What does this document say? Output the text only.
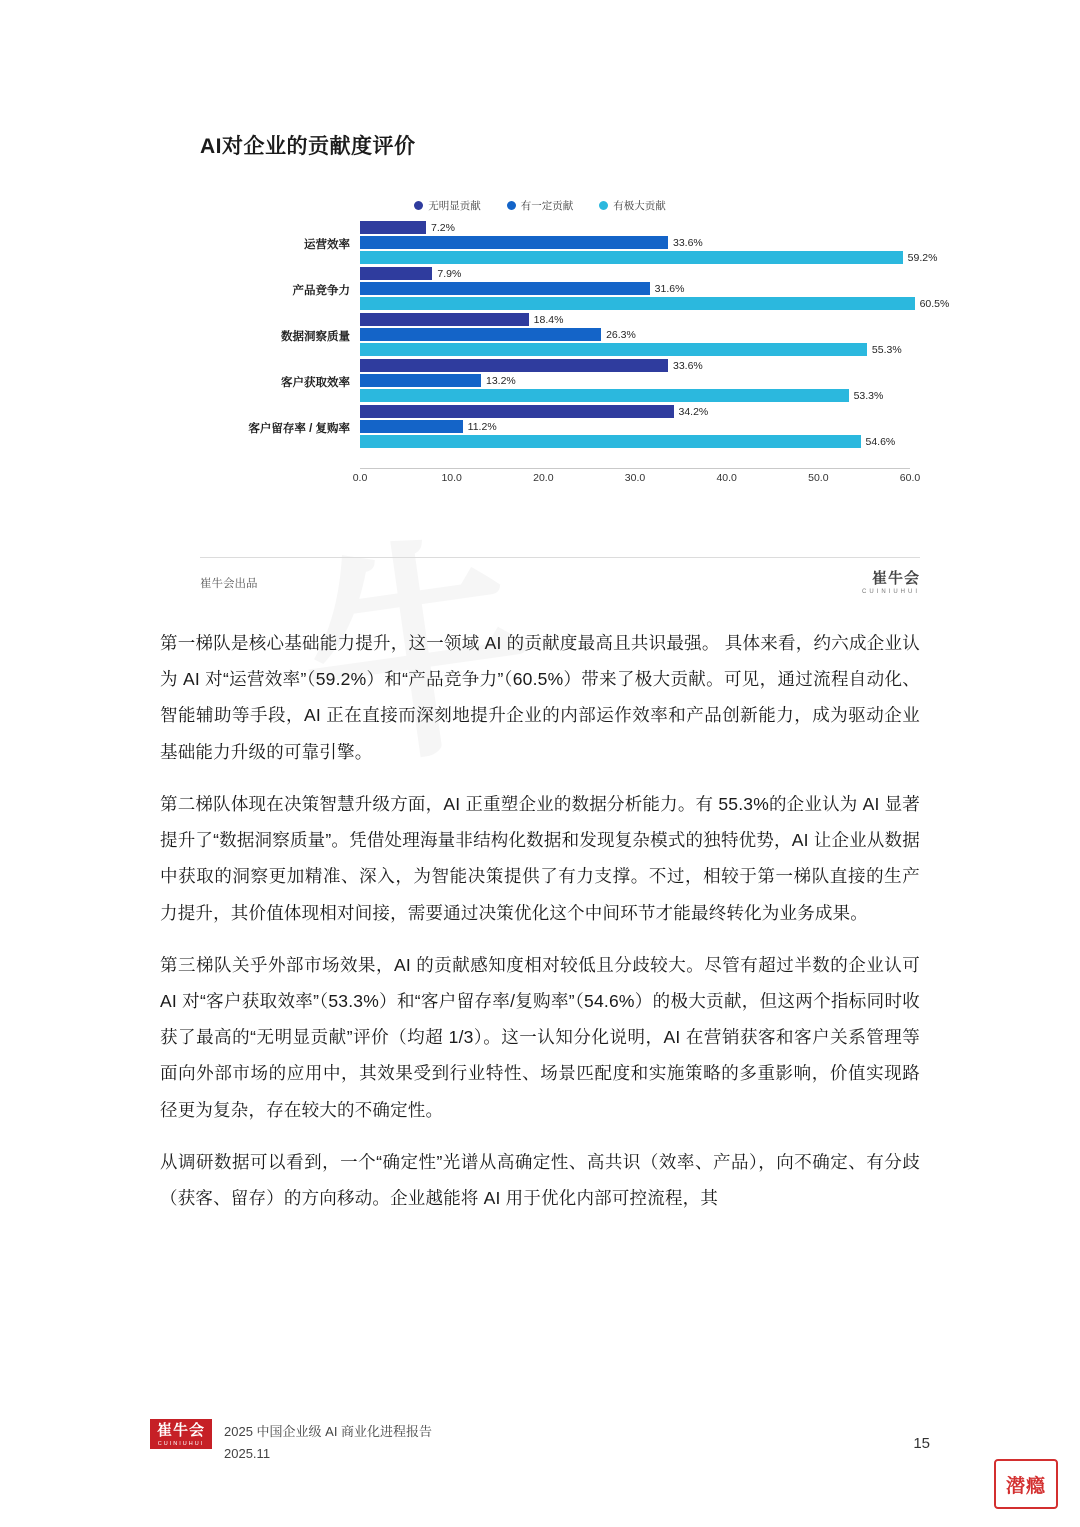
AI对企业的贡献度评价
无明显贡献	有一定贡献	有极大贡献
运营效率
7.2%
33.6%
59.2%
产品竞争力
7.9%
31.6%
60.5%
数据洞察质量
18.4%
26.3%
55.3%
客户获取效率
33.6%
13.2%
53.3%
客户留存率 / 复购率
34.2%
11.2%
54.6%
0.0	10.0	20.0	30.0	40.0	50.0	60.0
崔牛会出品	崔牛会
CUINIUHUI

第一梯队是核心基础能力提升，这一领域 AI 的贡献度最高且共识最强。 具体来看，约六成企业认为 AI 对“运营效率”（59.2%）和“产品竞争力”（60.5%）带来了极大贡献。可见，通过流程自动化、智能辅助等手段，AI 正在直接而深刻地提升企业的内部运作效率和产品创新能力，成为驱动企业基础能力升级的可靠引擎。

第二梯队体现在决策智慧升级方面，AI 正重塑企业的数据分析能力。有 55.3%的企业认为 AI 显著提升了“数据洞察质量”。凭借处理海量非结构化数据和发现复杂模式的独特优势，AI 让企业从数据中获取的洞察更加精准、深入，为智能决策提供了有力支撑。不过，相较于第一梯队直接的生产力提升，其价值体现相对间接，需要通过决策优化这个中间环节才能最终转化为业务成果。

第三梯队关乎外部市场效果，AI 的贡献感知度相对较低且分歧较大。尽管有超过半数的企业认可 AI 对“客户获取效率”（53.3%）和“客户留存率/复购率”（54.6%）的极大贡献，但这两个指标同时收获了最高的“无明显贡献”评价（均超 1/3）。这一认知分化说明，AI 在营销获客和客户关系管理等面向外部市场的应用中，其效果受到行业特性、场景匹配度和实施策略的多重影响，价值实现路径更为复杂，存在较大的不确定性。

从调研数据可以看到，一个“确定性”光谱从高确定性、高共识（效率、产品），向不确定、有分歧（获客、留存）的方向移动。企业越能将 AI 用于优化内部可控流程，其

崔牛会
CUINIUHUI
2025 中国企业级 AI 商业化进程报告
2025.11
15
潜瘾
